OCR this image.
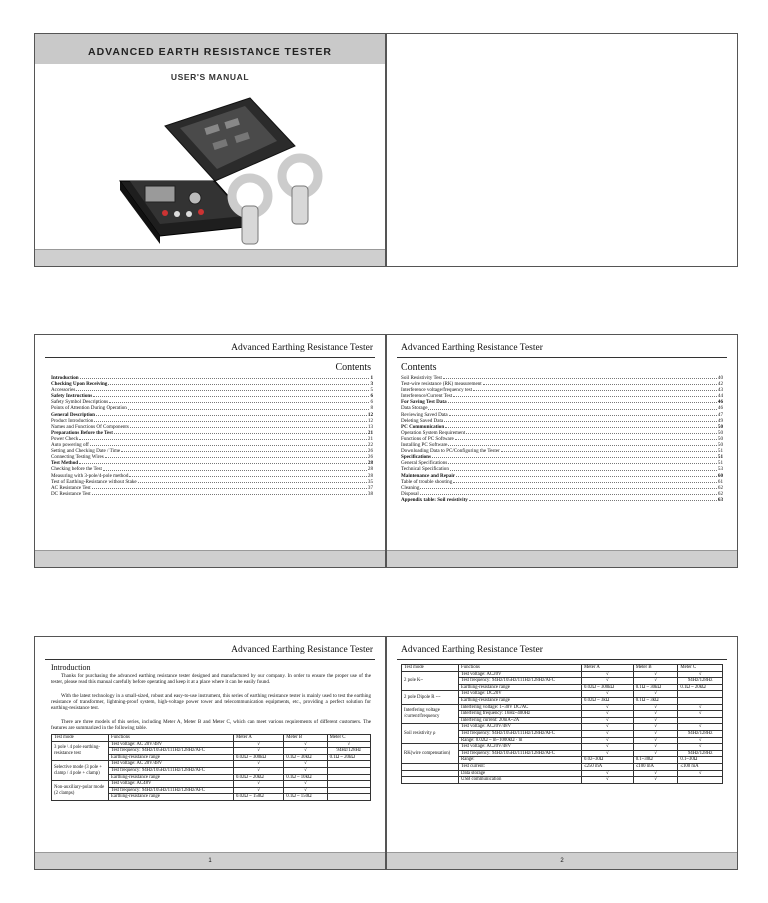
ADVANCED EARTH RESISTANCE TESTER
USER'S MANUAL
Advanced Earthing Resistance Tester
Contents
Introduction	1
Checking Upon Receiving	3
Accessories	5
Safety Instructions	6
Safety Symbol Descriptions	6
Points of Attention During Operation	8
General Description	12
Product Introduction	12
Names and Functions Of Components	13
Preparations Before the Test	21
Power Check	21
Auto powering off	22
Setting and Checking Date / Time	26
Connecting Testing Wires	26
Test Method	28
Checking before the Test	28
Measuring with 3-pole/4-pole method	28
Test of Earthing-Resistance without Stake	35
AC Resistance Test	37
DC Resistance Test	38
Advanced Earthing Resistance Tester
Contents
Soil Resistivity Test	40
Test-wire resistance (RK) measurement	42
Interference voltage/frequency test	43
Interference/Current Test	44
For Saving Test Data	46
Data Storage	46
Reviewing Saved Data	47
Deleting Saved Data	49
PC Communication	50
Operation System Requirement	50
Functions of PC Software	50
Installing PC Software	50
Downloading Data to PC/Configuring the Tester	51
Specifications	51
General Specifications	51
Technical Specification	53
Maintenance and Repair	60
Table of trouble shooting	61
Cleaning	62
Disposal	62
Appendix table: Soil resistivity	63
Advanced Earthing Resistance Tester
Introduction
Thanks for purchasing the advanced earthing resistance tester designed and manufactured by our company. In order to ensure the proper use of the tester, please read this manual carefully before operating and keep it at a place where it can be easily found.
With the latest technology in a small-sized, robust and easy-to-use instrument, this series of earthing resistance tester is mainly used to test the earthing resistance of transformer, lightning-proof system, high-voltage power tower and telecommunication equipments, etc., providing a perfect solution for earthing-resistance test.
There are three models of this series, including Meter A, Meter B and Meter C, which can meet various requirements of different customers. The features are summarized in the following table.
Test mode	Functions	Meter A	Meter B	Meter C
3 pole \ 4 pole earthing-resistance test	Test voltage: AC 20V/48V	√	√	√
	Test frequency: 94Hz/105Hz/111Hz/128Hz/AFC	√	√	94Hz/128Hz
	Earthing-resistance range	0.02Ω ~ 300kΩ	0.1Ω ~ 30kΩ	0.1Ω ~ 20kΩ
Selective mode (3 pole + clamp / 4 pole + clamp)	Test voltage: AC 20V/48V	√	√	
	Test frequency: 94Hz/105Hz/111Hz/128Hz/AFC	√	√	
	Earthing-resistance range	0.02Ω ~ 20kΩ	0.1Ω ~ 10kΩ	
Non-auxiliary-polar mode (2 clamps)	Test voltage: AC48V	√	√	
	Test frequency: 94Hz/105Hz/111Hz/128Hz/AFC	√	√	
	Earthing-resistance range	0.02Ω ~ 150Ω	0.1Ω ~ 150Ω	
1
Advanced Earthing Resistance Tester
Test mode	Functions	Meter A	Meter B	Meter C
2 pole K~	Test voltage: AC20V	√	√	√
	Test frequency: 94Hz/105Hz/111Hz/128Hz/AFC	√	√	94Hz/128Hz
	Earthing-resistance range	0.02Ω ~ 300kΩ	0.1Ω ~ 30kΩ	0.1Ω ~ 20kΩ
2 pole Dipole R ---	Test voltage: DC20V	√	√	
	Earthing-resistance range	0.02Ω ~ 3kΩ	0.1Ω ~ 3kΩ	
Interfering voltage /current/frequency	Interfering voltage: 1~30V DC/AC	√	√	√
	Interfering frequency: 16Hz~400Hz	√	√	√
	Interfering current: 20mA~2A	√	√	
Soil resistivity ρ	Test voltage: AC20V/48V	√	√	√
	Test frequency: 94Hz/105Hz/111Hz/128Hz/AFC	√	√	94Hz/128Hz
	Range: 0.02Ω ~ m~1000kΩ · m	√	√	√
RK(wire compensation)	Test voltage: AC20V/48V	√	√	√
	Test frequency: 94Hz/105Hz/111Hz/128Hz/AFC	√	√	94Hz/128Hz
	Range:	0.02~30Ω	0.1~30Ω	0.1~30Ω
	Test current:	≤250 mA	≤100 mA	≤100 mA
	Data storage	√	√	√
	USB communication	√	√	
2
